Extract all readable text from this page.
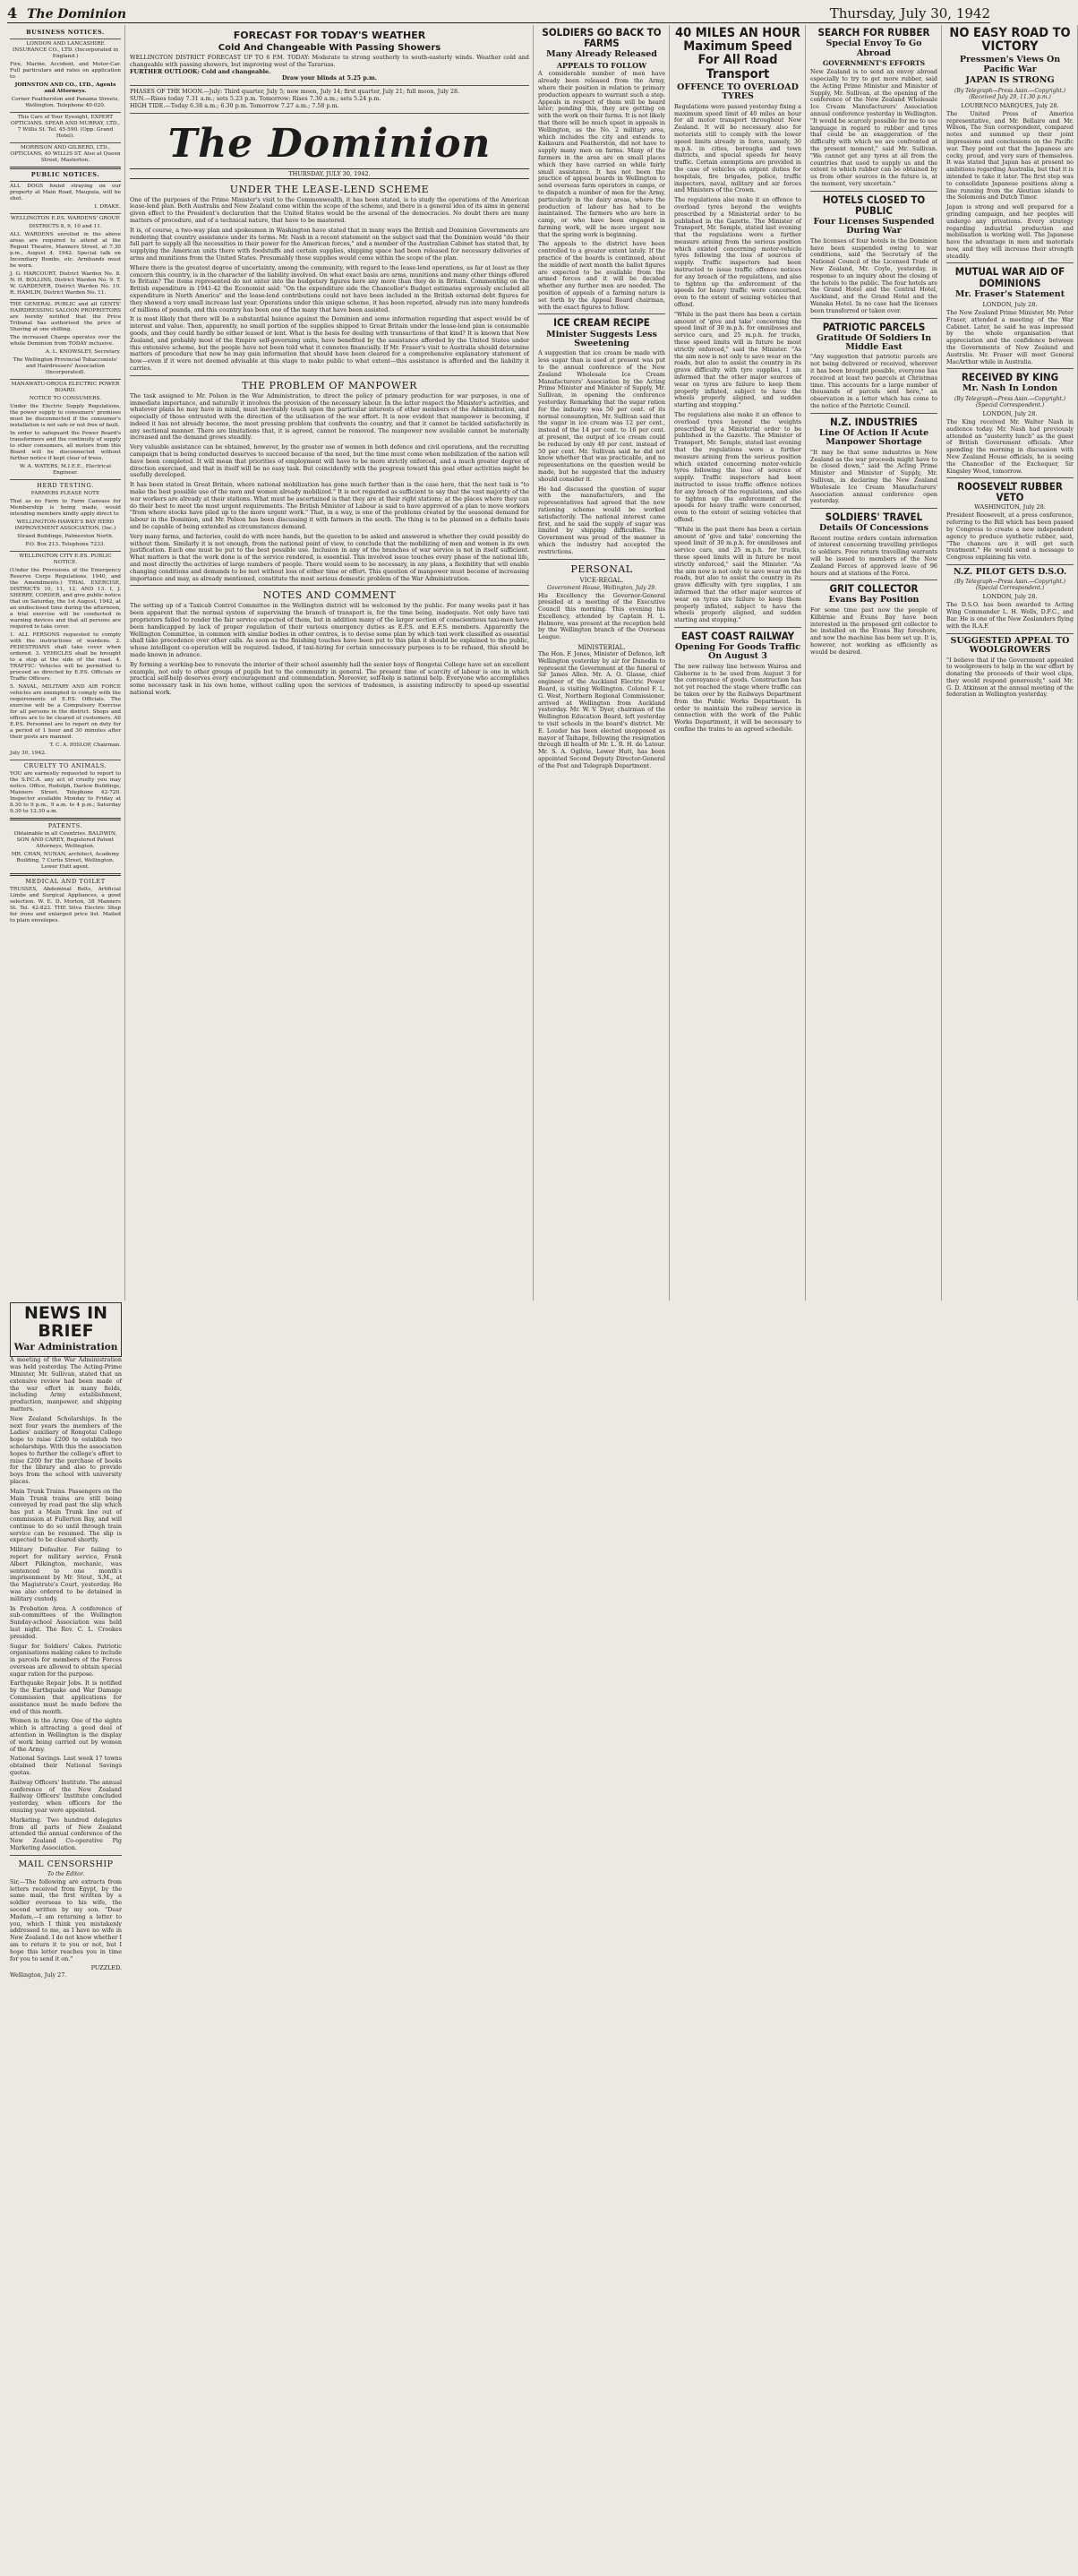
4 The Dominion	Thursday, July 30, 1942
BUSINESS NOTICES.
LONDON AND LANCASHIRE INSURANCE CO., LTD. (Incorporated in England.)
Fire, Marine, Accident, and Motor-Car. Full particulars and rates on application to
JOHNSTON AND CO., LTD., Agents and Attorneys.
Corner Featherston and Panama Streets, Wellington. Telephone 40-020.
This Cars of Your Eyesight, EXPERT OPTICIANS. SPEAR AND MURRAY, LTD., 7 Willis St. Tel. 45-590. (Opp. Grand Hotel).
MORRISON AND GILBERD, LTD., OPTICIANS, 40 WILLIS ST. Also at Queen Street, Masterton.
PUBLIC NOTICES.
ALL DOGS found straying on our property at Main Road, Maupuia, will be shot.
I. DRAKE.
WELLINGTON E.P.S. WARDENS' GROUP.
DISTRICTS 8, 9, 10 and 11.
ALL WARDENS enrolled in the above areas are required to attend at the Regent Theatre, Manners Street, at 7.30 p.m., August 4, 1942. Special talk on Incendiary Bombs, etc. Armbands must be worn.
J. G. HARCOURT, District Warden No. 8. N. H. BOLLINS, District Warden No. 9. T. W. GARDENER, District Warden No. 10. R. HAMLIN, District Warden No. 11.
THE GENERAL PUBLIC and all GENTS' HAIRDRESSING SALOON PROPRIETORS are hereby notified that the Price Tribunal has authorised the price of Shaving at one shilling.
The increased Charge operates over the whole Dominion from TODAY inclusive.
A. L. KNOWSLEY, Secretary.
The Wellington Provincial Tobacconists' and Hairdressers' Association (Incorporated).
MANAWATU-OROUA ELECTRIC POWER BOARD.
NOTICE TO CONSUMERS.
Under the Electric Supply Regulations, the power supply to consumers' premises must be disconnected if the consumer's installation is not safe or not free of fault.
In order to safeguard the Power Board's transformers and the continuity of supply to other consumers, all motors from this Board will be disconnected without further notice if kept clear of trees.
W. A. WATERS, M.I.E.E., Electrical Engineer.
HERD TESTING.
FARMERS PLEASE NOTE
That as no Farm to Farm Canvass for Membership is being made, would intending members kindly apply direct to
WELLINGTON-HAWKE'S BAY HERD IMPROVEMENT ASSOCIATION, (Inc.)
Strand Buildings, Palmerston North.
P.O. Box 213. Telephone 7233.
WELLINGTON CITY E.P.S. PUBLIC NOTICE.
(Under the Provisions of the Emergency Reserve Corps Regulations, 1940, and the Amendments.) TRIAL EXERCISE, DISTRICTS 10, 11, 12, AND 13. I, J. SHERRY, CORDER, and give public notice that on Saturday, the 1st August, 1942, at an undisclosed time during the afternoon, a trial exercise will be conducted in warning devices and that all persons are required to take cover.
1. ALL PERSONS requested to comply with the instructions of wardens. 2. PEDESTRIANS shall take cover when ordered. 3. VEHICLES shall be brought to a stop at the side of the road. 4. TRAFFIC: Vehicles will be permitted to proceed as directed by E.P.S. Officials or Traffic Officers.
5. NAVAL, MILITARY AND AIR FORCE vehicles are exempted to comply with the requirements of E.P.S. Officials. The exercise will be a Compulsory Exercise for all persons in the district. Shops and offices are to be cleared of customers. All E.P.S. Personnel are to report on duty for a period of 1 hour and 30 minutes after their posts are manned.
T. C. A. HISLOP, Chairman.
July 30, 1942.
CRUELTY TO ANIMALS.
YOU are earnestly requested to report to the S.P.C.A. any act of cruelty you may notice. Office, Rudolph, Darlow Buildings, Manners Street. Telephone 42-720. Inspector available Monday to Friday at 8.30 to 9 p.m., 9 a.m. to 4 p.m.; Saturday 9.30 to 12.30 a.m.
PATENTS.
Obtainable in all Countries. BALDWIN, SON AND CAREY, Registered Patent Attorneys, Wellington.
MR. CHAN, NUNAN, architect, Academy Building, 7 Curtis Street, Wellington. Lower Hutt agent.
MEDICAL AND TOILET
TRUSSES, Abdominal Belts, Artificial Limbs and Surgical Appliances, a good selection. W. E. D. Morton, 38 Manners St. Tel. 42-823. THE Silva Electric Shop for irons and enlarged price list. Mailed to plain envelopes.
FORECAST FOR TODAY'S WEATHER
Cold And Changeable With Passing Showers
WELLINGTON DISTRICT FORECAST UP TO 6 P.M. TODAY: Moderate to strong southerly to south-easterly winds. Weather cold and changeable with passing showers, but improving west of the Tararuas.
FURTHER OUTLOOK: Cold and changeable.
Draw your blinds at 5.25 p.m.
PHASES OF THE MOON.—July: Third quarter, July 5; new moon, July 14; first quarter, July 21; full moon, July 28.
SUN.—Rises today 7.31 a.m.; sets 5.23 p.m. Tomorrow: Rises 7.30 a.m.; sets 5.24 p.m.
HIGH TIDE.—Today 6.38 a.m.; 6.30 p.m. Tomorrow 7.27 a.m.; 7.58 p.m.
The Dominion
THURSDAY, JULY 30, 1942.
UNDER THE LEASE-LEND SCHEME
One of the purposes of the Prime Minister's visit to the Commonwealth, it has been stated, is to study the operations of the American lease-lend plan. Both Australia and New Zealand come within the scope of the scheme, and there is a general idea of its aims in general given effect to the President's declaration that the United States would be the arsenal of the democracies. No doubt there are many matters of procedure, and of a technical nature, that have to be mastered.
It is, of course, a two-way plan and spokesmen in Washington have stated that in many ways the British and Dominion Governments are rendering that country assistance under its terms. Mr. Nash in a recent statement on the subject said that the Dominion would "do their full part to supply all the necessities in their power for the American forces," and a member of the Australian Cabinet has stated that, by supplying the American units there with foodstuffs and certain supplies, shipping space had been released for necessary deliveries of arms and munitions from the United States. Presumably those supplies would come within the scope of the plan.
Where there is the greatest degree of uncertainty, among the community, with regard to the lease-lend operations, as far at least as they concern this country, is in the character of the liability involved. On what exact basis are arms, munitions and many other things offered to Britain? The items represented do not enter into the budgetary figures here any more than they do in Britain. Commenting on the British expenditure in 1941-42 the Economist said: "On the expenditure side the Chancellor's Budget estimates expressly excluded all expenditure in North America" and the lease-lend contributions could not have been included in the British external debt figures for they showed a very small increase last year. Operations under this unique scheme, it has been reported, already run into many hundreds of millions of pounds, and this country has been one of the many that have been assisted.
It is most likely that there will be a substantial balance against the Dominion and some information regarding that aspect would be of interest and value. Then, apparently, no small portion of the supplies shipped to Great Britain under the lease-lend plan is consumable goods, and they could hardly be either leased or lent. What is the basis for dealing with transactions of that kind? It is known that New Zealand, and probably most of the Empire self-governing units, have benefited by the assistance afforded by the United States under this extensive scheme, but the people have not been told what it connotes financially. If Mr. Fraser's visit to Australia should determine matters of procedure that now he may gain information that should have been cleared for a comprehensive explanatory statement of how—even if it were not deemed advisable at this stage to make public to what extent—this assistance is afforded and the liability it carries.
THE PROBLEM OF MANPOWER
The task assigned to Mr. Polson in the War Administration, to direct the policy of primary production for war purposes, is one of immediate importance, and naturally it involves the provision of the necessary labour. In the latter respect the Minister's activities, and whatever plans he may have in mind, must inevitably touch upon the particular interests of other members of the Administration, and especially of those entrusted with the direction of the utilisation of the war effort. It is now evident that manpower is becoming, if indeed it has not already become, the most pressing problem that confronts the country, and that it cannot be tackled satisfactorily in any sectional manner. There are limitations that, it is agreed, cannot be removed. The manpower now available cannot be materially increased and the demand grows steadily.
Very valuable assistance can be obtained, however, by the greater use of women in both defence and civil operations, and the recruiting campaign that is being conducted deserves to succeed because of the need, but the time must come when mobilization of the nation will have been completed. It will mean that priorities of employment will have to be more strictly enforced, and a much greater degree of direction exercised, and that in itself will be no easy task. But coincidently with the progress toward this goal other activities might be usefully developed.
It has been stated in Great Britain, where national mobilization has gone much farther than is the case here, that the next task is "to make the best possible use of the men and women already mobilized." It is not regarded as sufficient to say that the vast majority of the war workers are already at their stations. What must be ascertained is that they are at their right stations; at the places where they can do their best to meet the most urgent requirements. The British Minister of Labour is said to have approved of a plan to move workers "from where stocks have piled up to the more urgent work." That, in a way, is one of the problems created by the seasonal demand for labour in the Dominion, and Mr. Polson has been discussing it with farmers in the south. The thing is to be planned on a definite basis and be capable of being extended as circumstances demand.
Very many farms, and factories, could do with more hands, but the question to be asked and answered is whether they could possibly do without them. Similarly it is not enough, from the national point of view, to conclude that the mobilizing of men and women is its own justification. Each one must be put to the best possible use. Inclusion in any of the branches of war service is not in itself sufficient. What matters is that the work done is of the service rendered, is essential. This involved issue touches every phase of the national life, and most directly the activities of large numbers of people. There would seem to be necessary, in any plans, a flexibility that will enable changing conditions and demands to be met without loss of either time or effort. This question of manpower must become of increasing importance and may, as already mentioned, constitute the most serious domestic problem of the War Administration.
NOTES AND COMMENT
The setting up of a Taxicab Control Committee in the Wellington district will be welcomed by the public. For many weeks past it has been apparent that the normal system of supervising the branch of transport is, for the time being, inadequate. Not only have taxi proprietors failed to render the fair service expected of them, but in addition many of the larger section of conscientious taxi-men have been handicapped by lack of proper regulation of their various emergency duties as E.P.S. and E.F.S. members. Apparently the Wellington Committee, in common with similar bodies in other centres, is to devise some plan by which taxi work classified as essential shall take precedence over other calls. As soon as the finishing touches have been put to this plan it should be explained to the public, whose intelligent co-operation will be required. Indeed, if taxi-hiring for certain unnecessary purposes is to be refused, this should be made known in advance.
By forming a working-bee to renovate the interior of their school assembly hall the senior boys of Rongotai College have set an excellent example, not only to other groups of pupils but to the community in general. The present time of scarcity of labour is one in which practical self-help deserves every encouragement and commendation. Moreover, self-help is national help. Everyone who accomplishes some necessary task in his own home, without calling upon the services of tradesmen, is assisting indirectly to speed-up essential national work.
SOLDIERS GO BACK TO FARMS
Many Already Released
APPEALS TO FOLLOW
A considerable number of men have already been released from the Army, where their position in relation to primary production appears to warrant such a step. Appeals in respect of them will be heard later; pending this, they are getting on with the work on their farms. It is not likely that there will be much upset in appeals in Wellington, as the No. 2 military area, which includes the city and extends to Kaikoura and Featherston, did not have to supply many men on farms. Many of the farmers in the area are on small places which they have carried on while fairly small assistance. It has not been the practice of appeal boards in Wellington to send overseas farm operators in camps, or to dispatch a number of men for the Army, particularly in the dairy areas, where the production of labour has had to be maintained. The farmers who are here in camp, or who have been engaged in farming work, will be more urgent now that the spring work is beginning.
The appeals to the district have been controlled to a greater extent lately. If the practice of the boards is continued, about the middle of next month the ballot figures are expected to be available from the armed forces and it will be decided whether any further men are needed. The position of appeals of a farming nature is set forth by the Appeal Board chairman, with the exact figures to follow.
ICE CREAM RECIPE
Minister Suggests Less Sweetening
A suggestion that ice cream be made with less sugar than is used at present was put to the annual conference of the New Zealand Wholesale Ice Cream Manufacturers' Association by the Acting Prime Minister and Minister of Supply, Mr. Sullivan, in opening the conference yesterday. Remarking that the sugar ration for the industry was 50 per cent. of its normal consumption, Mr. Sullivan said that the sugar in ice cream was 12 per cent., instead of the 14 per cent. to 16 per cent. at present, the output of ice cream could be reduced by only 40 per cent. instead of 50 per cent. Mr. Sullivan said he did not know whether that was practicable, and no representations on the question would be made, but he suggested that the industry should consider it.
He had discussed the question of sugar with the manufacturers, and the representatives had agreed that the new rationing scheme would be worked satisfactorily. The national interest came first, and he said the supply of sugar was limited by shipping difficulties. The Government was proud of the manner in which the industry had accepted the restrictions.
PERSONAL
VICE-REGAL.
Government House, Wellington, July 29.
His Excellency the Governor-General presided at a meeting of the Executive Council this morning. This evening his Excellency, attended by Captain H. L. Helmore, was present at the reception held by the Wellington branch of the Overseas League.
MINISTERIAL.
The Hon. F. Jones, Minister of Defence, left Wellington yesterday by air for Dunedin to represent the Government at the funeral of Sir James Allen. Mr. A. O. Glasse, chief engineer of the Auckland Electric Power Board, is visiting Wellington. Colonel F. L. G. West, Northern Regional Commissioner, arrived at Wellington from Auckland yesterday. Mr. W. V. Dyer, chairman of the Wellington Education Board, left yesterday to visit schools in the board's district. Mr. E. Louder has been elected unopposed as mayor of Taihape, following the resignation through ill health of Mr. L. R. H. de Latour. Mr. S. A. Ogilvie, Lower Hutt, has been appointed Second Deputy Director-General of the Post and Telegraph Department.
40 MILES AN HOUR Maximum Speed For All Road Transport
OFFENCE TO OVERLOAD TYRES
Regulations were passed yesterday fixing a maximum speed limit of 40 miles an hour for all motor transport throughout New Zealand. It will be necessary also for motorists still to comply with the lower speed limits already in force, namely, 30 m.p.h. in cities, boroughs and town districts, and special speeds for heavy traffic. Certain exemptions are provided in the case of vehicles on urgent duties for hospitals, fire brigades, police, traffic inspectors, naval, military and air forces and Ministers of the Crown.
The regulations also make it an offence to overload tyres beyond the weights prescribed by a Ministerial order to be published in the Gazette. The Minister of Transport, Mr. Semple, stated last evening that the regulations were a further measure arising from the serious position which existed concerning motor-vehicle tyres following the loss of sources of supply. Traffic inspectors had been instructed to issue traffic offence notices for any breach of the regulations, and also to tighten up the enforcement of the speeds for heavy traffic were concerned, even to the extent of seizing vehicles that offend.
"While in the past there has been a certain amount of 'give and take' concerning the speed limit of 30 m.p.h. for omnibuses and service cars, and 25 m.p.h. for trucks, these speed limits will in future be most strictly enforced," said the Minister. "As the aim now is not only to save wear on the roads, but also to assist the country in its grave difficulty with tyre supplies, I am informed that the other major sources of wear on tyres are failure to keep them properly inflated, subject to have the wheels properly aligned, and sudden starting and stopping."
The regulations also make it an offence to overload tyres beyond the weights prescribed by a Ministerial order to be published in the Gazette. The Minister of Transport, Mr. Semple, stated last evening that the regulations were a further measure arising from the serious position which existed concerning motor-vehicle tyres following the loss of sources of supply. Traffic inspectors had been instructed to issue traffic offence notices for any breach of the regulations, and also to tighten up the enforcement of the speeds for heavy traffic were concerned, even to the extent of seizing vehicles that offend.
"While in the past there has been a certain amount of 'give and take' concerning the speed limit of 30 m.p.h. for omnibuses and service cars, and 25 m.p.h. for trucks, these speed limits will in future be most strictly enforced," said the Minister. "As the aim now is not only to save wear on the roads, but also to assist the country in its grave difficulty with tyre supplies, I am informed that the other major sources of wear on tyres are failure to keep them properly inflated, subject to have the wheels properly aligned, and sudden starting and stopping."
EAST COAST RAILWAY
Opening For Goods Traffic On August 3
The new railway line between Wairoa and Gisborne is to be used from August 3 for the conveyance of goods. Construction has not yet reached the stage where traffic can be taken over by the Railways Department from the Public Works Department. In order to maintain the railway service in connection with the work of the Public Works Department, it will be necessary to confine the trains to an agreed schedule.
SEARCH FOR RUBBER
Special Envoy To Go Abroad
GOVERNMENT'S EFFORTS
New Zealand is to send an envoy abroad especially to try to get more rubber, said the Acting Prime Minister and Minister of Supply, Mr. Sullivan, at the opening of the conference of the New Zealand Wholesale Ice Cream Manufacturers' Association annual conference yesterday in Wellington. "It would be scarcely possible for me to use language in regard to rubber and tyres that could be an exaggeration of the difficulty with which we are confronted at the present moment," said Mr. Sullivan. "We cannot get any tyres at all from the countries that used to supply us and the extent to which rubber can be obtained by us from other sources in the future is, at the moment, very uncertain."
HOTELS CLOSED TO PUBLIC
Four Licenses Suspended During War
The licenses of four hotels in the Dominion have been suspended owing to war conditions, said the Secretary of the National Council of the Licensed Trade of New Zealand, Mr. Coyle, yesterday, in response to an inquiry about the closing of the hotels to the public. The four hotels are the Grand Hotel and the Central Hotel, Auckland, and the Grand Hotel and the Wanaka Hotel. In no case had the licenses been transferred or taken over.
PATRIOTIC PARCELS
Gratitude Of Soldiers In Middle East
"Any suggestion that patriotic parcels are not being delivered or received, wherever it has been brought possible, everyone has received at least two parcels at Christmas time. This accounts for a large number of thousands of parcels sent here," an observation in a letter which has come to the notice of the Patriotic Council.
N.Z. INDUSTRIES
Line Of Action If Acute Manpower Shortage
"It may be that some industries in New Zealand as the war proceeds might have to be closed down," said the Acting Prime Minister and Minister of Supply, Mr. Sullivan, in declaring the New Zealand Wholesale Ice Cream Manufacturers' Association annual conference open yesterday.
SOLDIERS' TRAVEL
Details Of Concessions
Recent routine orders contain information of interest concerning travelling privileges to soldiers. Free return travelling warrants will be issued to members of the New Zealand Forces of approved leave of 96 hours and at stations of the Force.
GRIT COLLECTOR
Evans Bay Position
For some time past now the people of Kilbirnie and Evans Bay have been interested in the proposed grit collector to be installed on the Evans Bay foreshore, and now the machine has been set up. It is, however, not working as efficiently as would be desired.
NO EASY ROAD TO VICTORY
Pressmen's Views On Pacific War
JAPAN IS STRONG
(By Telegraph—Press Assn.—Copyright.) (Received July 29, 11.30 p.m.)
LOURENCO MARQUES, July 28.
The United Press of America representative, and Mr. Bellaire and Mr. Wilson, The Sun correspondent, compared notes and summed up their joint impressions and conclusions on the Pacific war. They point out that the Japanese are cocky, proud, and very sure of themselves. It was stated that Japan has at present no ambitions regarding Australia, but that it is intended to take it later. The first step was to consolidate Japanese positions along a line running from the Aleutian islands to the Solomons and Dutch Timor.
Japan is strong and well prepared for a grinding campaign, and her peoples will undergo any privations. Every strategy regarding industrial production and mobilisation is working well. The Japanese have the advantage in men and materials now, and they will increase their strength steadily.
MUTUAL WAR AID OF DOMINIONS
Mr. Fraser's Statement
LONDON, July 28.
The New Zealand Prime Minister, Mr. Peter Fraser, attended a meeting of the War Cabinet. Later, he said he was impressed by the whole organisation that appreciation and the confidence between the Governments of New Zealand and Australia. Mr. Fraser will meet General MacArthur while in Australia.
RECEIVED BY KING
Mr. Nash In London
(By Telegraph—Press Assn.—Copyright.) (Special Correspondent.)
LONDON, July 28.
The King received Mr. Walter Nash in audience today. Mr. Nash had previously attended an "austerity lunch" as the guest of British Government officials. After spending the morning in discussion with New Zealand House officials, he is seeing the Chancellor of the Exchequer, Sir Kingsley Wood, tomorrow.
ROOSEVELT RUBBER VETO
WASHINGTON, July 28.
President Roosevelt, at a press conference, referring to the Bill which has been passed by Congress to create a new independent agency to produce synthetic rubber, said, "The chances are it will get such treatment." He would send a message to Congress explaining his veto.
N.Z. PILOT GETS D.S.O.
(By Telegraph—Press Assn.—Copyright.) (Special Correspondent.)
LONDON, July 28.
The D.S.O. has been awarded to Acting Wing Commander L. H. Wells, D.F.C., and Bar. He is one of the New Zealanders flying with the R.A.F.
SUGGESTED APPEAL TO WOOLGROWERS
"I believe that if the Government appealed to woolgrowers to help in the war effort by donating the proceeds of their wool clips, they would respond generously," said Mr. G. D. Atkinson at the annual meeting of the federation in Wellington yesterday.
NEWS IN BRIEF
War Administration
A meeting of the War Administration was held yesterday. The Acting-Prime Minister, Mr. Sullivan, stated that an extensive review had been made of the war effort in many fields, including Army establishment, production, manpower, and shipping matters.
New Zealand Scholarships. In the next four years the members of the Ladies' auxiliary of Rongotai College hope to raise £200 to establish two scholarships. With this the association hopes to further the college's effort to raise £200 for the purchase of books for the library and also to provide boys from the school with university places.
Main Trunk Trains. Passengers on the Main Trunk trains are still being conveyed by road past the slip which has put a Main Trunk line out of commission at Fullerton Bay, and will continue to do so until through train service can be resumed. The slip is expected to be cleared shortly.
Military Defaulter. For failing to report for military service, Frank Albert Pilkington, mechanic, was sentenced to one month's imprisonment by Mr. Stout, S.M., at the Magistrate's Court, yesterday. He was also ordered to be detained in military custody.
In Probation Area. A conference of sub-committees of the Wellington Sunday-school Association was held last night. The Rev. C. L. Crookes presided.
Sugar for Soldiers' Cakes. Patriotic organisations making cakes to include in parcels for members of the Forces overseas are allowed to obtain special sugar ration for the purpose.
Earthquake Repair Jobs. It is notified by the Earthquake and War Damage Commission that applications for assistance must be made before the end of this month.
Women in the Army. One of the sights which is attracting a good deal of attention in Wellington is the display of work being carried out by women of the Army.
National Savings. Last week 17 towns obtained their National Savings quotas.
Railway Officers' Institute. The annual conference of the New Zealand Railway Officers' Institute concluded yesterday, when officers for the ensuing year were appointed.
Marketing. Two hundred delegates from all parts of New Zealand attended the annual conference of the New Zealand Co-operative Pig Marketing Association.
MAIL CENSORSHIP
To the Editor.
Sir,—The following are extracts from letters received from Egypt, by the same mail, the first written by a soldier overseas to his wife, the second written by my son. "Dear Madam,—I am returning a letter to you, which I think you mistakenly addressed to me, as I have no wife in New Zealand. I do not know whether I am to return it to you or not, but I hope this letter reaches you in time for you to send it on."
PUZZLED.
Wellington, July 27.
